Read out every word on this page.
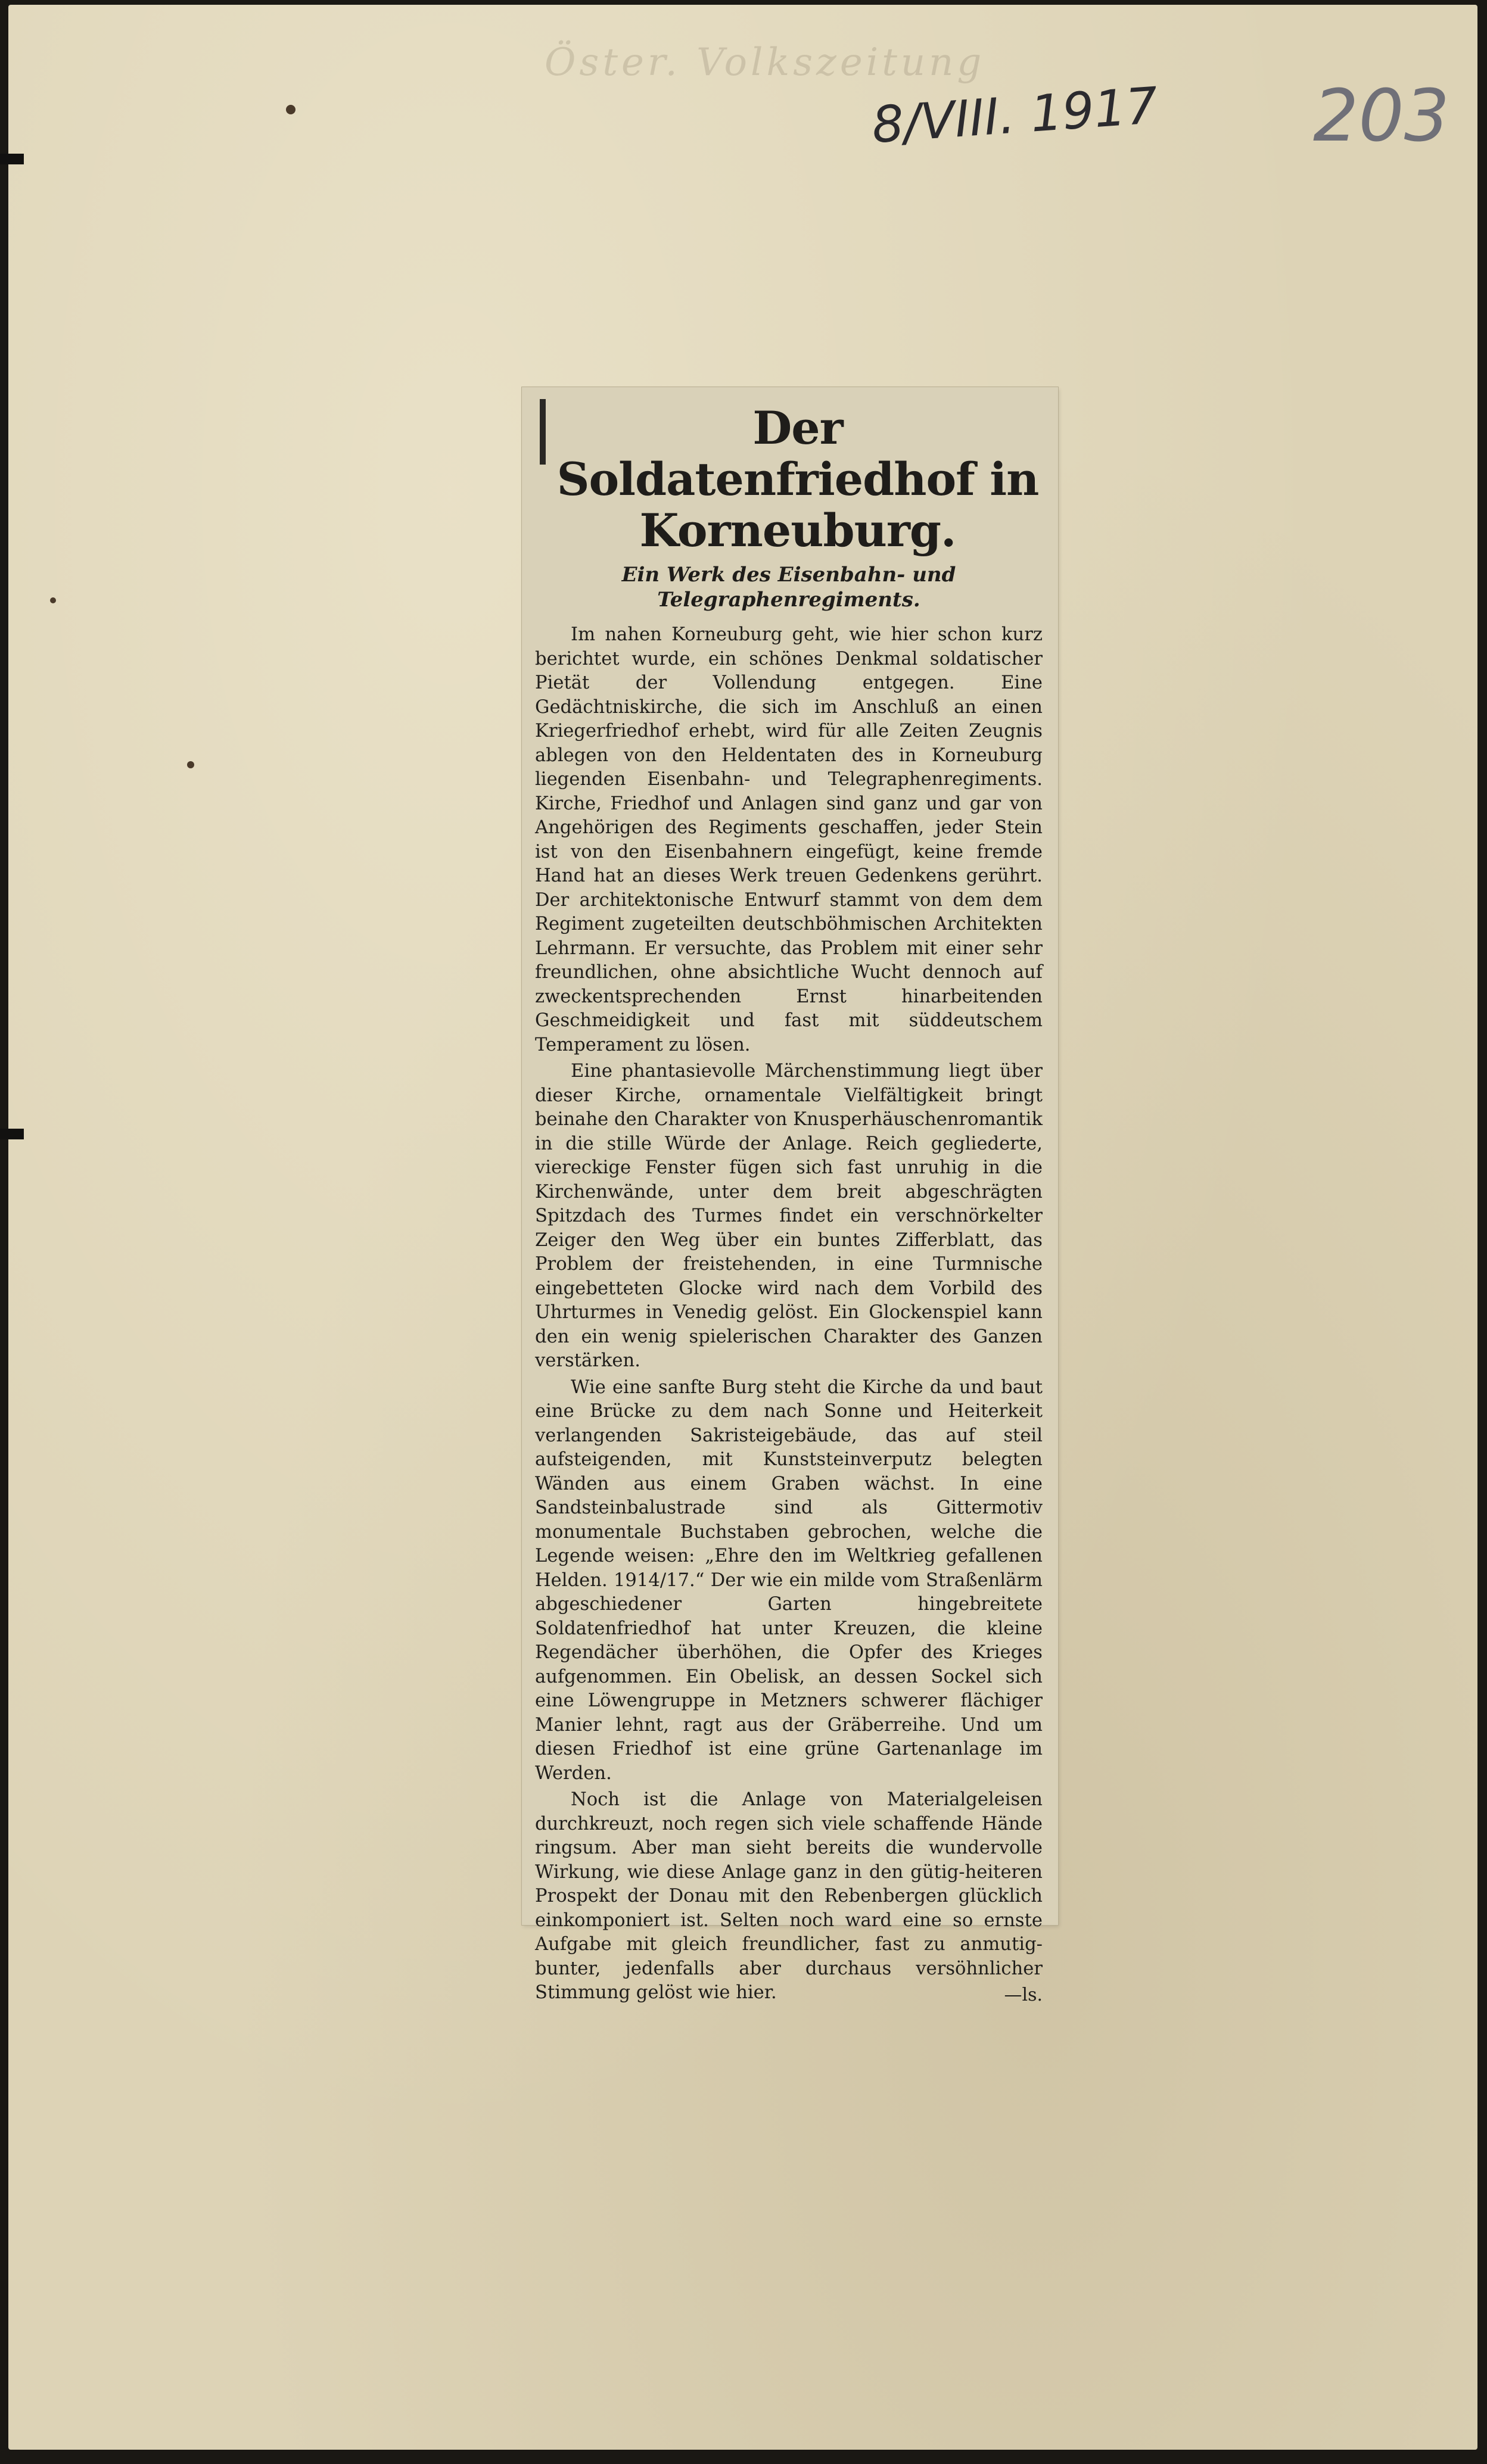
Öster. Volkszeitung
8/VIII. 1917 203
Der Soldatenfriedhof in Korneuburg.
Ein Werk des Eisenbahn- und Telegraphenregiments.

Im nahen Korneuburg geht, wie hier schon kurz berichtet wurde, ein schönes Denkmal soldatischer Pietät der Vollendung entgegen. Eine Gedächtniskirche, die sich im Anschluß an einen Kriegerfriedhof erhebt, wird für alle Zeiten Zeugnis ablegen von den Heldentaten des in Korneuburg liegenden Eisenbahn- und Telegraphenregiments. Kirche, Friedhof und Anlagen sind ganz und gar von Angehörigen des Regiments geschaffen, jeder Stein ist von den Eisenbahnern eingefügt, keine fremde Hand hat an dieses Werk treuen Gedenkens gerührt. Der architektonische Entwurf stammt von dem dem Regiment zugeteilten deutschböhmischen Architekten Lehrmann. Er versuchte, das Problem mit einer sehr freundlichen, ohne absichtliche Wucht dennoch auf zweckentsprechenden Ernst hinarbeitenden Geschmeidigkeit und fast mit süddeutschem Temperament zu lösen.

Eine phantasievolle Märchenstimmung liegt über dieser Kirche, ornamentale Vielfältigkeit bringt beinahe den Charakter von Knusperhäuschenromantik in die stille Würde der Anlage. Reich gegliederte, viereckige Fenster fügen sich fast unruhig in die Kirchenwände, unter dem breit abgeschrägten Spitzdach des Turmes findet ein verschnörkelter Zeiger den Weg über ein buntes Zifferblatt, das Problem der freistehenden, in eine Turmnische eingebetteten Glocke wird nach dem Vorbild des Uhrturmes in Venedig gelöst. Ein Glockenspiel kann den ein wenig spielerischen Charakter des Ganzen verstärken.

Wie eine sanfte Burg steht die Kirche da und baut eine Brücke zu dem nach Sonne und Heiterkeit verlangenden Sakristeigebäude, das auf steil aufsteigenden, mit Kunststeinverputz belegten Wänden aus einem Graben wächst. In eine Sandsteinbalustrade sind als Gittermotiv monumentale Buchstaben gebrochen, welche die Legende weisen: „Ehre den im Weltkrieg gefallenen Helden. 1914/17.“ Der wie ein milde vom Straßenlärm abgeschiedener Garten hingebreitete Soldatenfriedhof hat unter Kreuzen, die kleine Regendächer überhöhen, die Opfer des Krieges aufgenommen. Ein Obelisk, an dessen Sockel sich eine Löwengruppe in Metzners schwerer flächiger Manier lehnt, ragt aus der Gräberreihe. Und um diesen Friedhof ist eine grüne Gartenanlage im Werden.

Noch ist die Anlage von Materialgeleisen durchkreuzt, noch regen sich viele schaffende Hände ringsum. Aber man sieht bereits die wundervolle Wirkung, wie diese Anlage ganz in den gütig-heiteren Prospekt der Donau mit den Rebenbergen glücklich einkomponiert ist. Selten noch ward eine so ernste Aufgabe mit gleich freundlicher, fast zu anmutig-bunter, jedenfalls aber durchaus versöhnlicher Stimmung gelöst wie hier.	—ls.
